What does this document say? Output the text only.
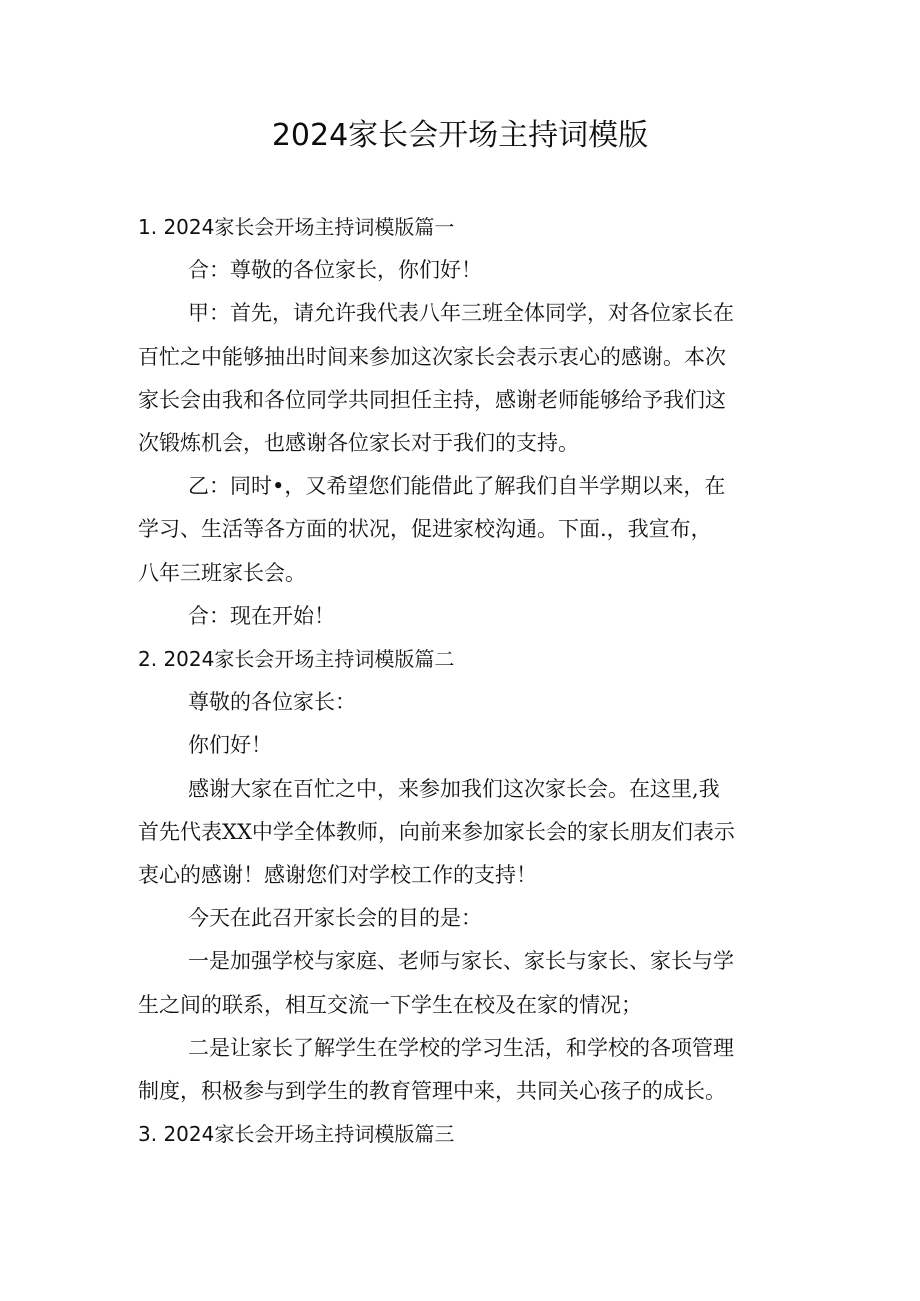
2024家长会开场主持词模版
1. 2024家长会开场主持词模版篇一
合：尊敬的各位家长，你们好！
甲：首先，请允许我代表八年三班全体同学，对各位家长在
百忙之中能够抽出时间来参加这次家长会表示衷心的感谢。本次
家长会由我和各位同学共同担任主持，感谢老师能够给予我们这
次锻炼机会，也感谢各位家长对于我们的支持。
乙：同时•，又希望您们能借此了解我们自半学期以来，在
学习、生活等各方面的状况，促进家校沟通。下面.，我宣布，
八年三班家长会。
合：现在开始！
2. 2024家长会开场主持词模版篇二
尊敬的各位家长：
你们好！
感谢大家在百忙之中，来参加我们这次家长会。在这里,我
首先代表XX中学全体教师，向前来参加家长会的家长朋友们表示
衷心的感谢！感谢您们对学校工作的支持！
今天在此召开家长会的目的是：
一是加强学校与家庭、老师与家长、家长与家长、家长与学
生之间的联系，相互交流一下学生在校及在家的情况；
二是让家长了解学生在学校的学习生活，和学校的各项管理
制度，积极参与到学生的教育管理中来，共同关心孩子的成长。
3. 2024家长会开场主持词模版篇三
